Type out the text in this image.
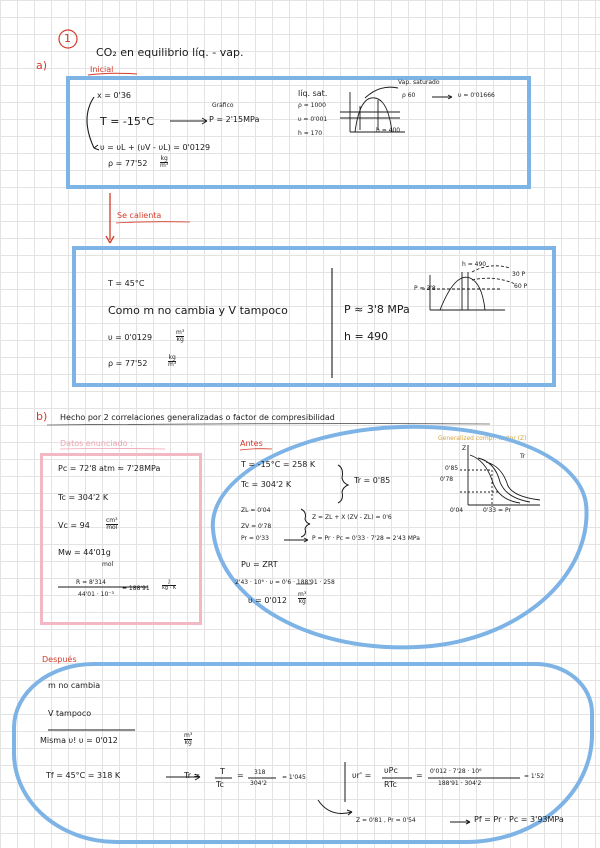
1
CO₂ en equilibrio líq. - vap.
a)	Inicial
x = 0'36
T = -15°C
Gráfico
P = 2'15MPa
υ = υL + (υV - υL) = 0'0129
$\rho = 77'52 \frac{kg}{\text{m³}}$
líq. sat.
ρ = 1000
υ = 0'001
h = 170
Vap. saturado
ρ 60	υ = 0'01666
h = 400
Se calienta
T = 45°C
Como m no cambia y V tampoco
υ = 0'0129	$\frac{\text{m³}}{kg}$
ρ = 77'52	$\frac{kg}{\text{m³}}$
P ≈ 3'8 MPa
h = 490
P = 3'8
h = 490
30 P
60 P
b) Hecho por 2 correlaciones generalizadas o factor de compresibilidad
Datos enunciado :	Antes
Generalized compr. factor (Z)
Pc = 72'8 atm ≈ 7'28MPa
Tc = 304'2 K
Vc = 94
cm³
mol
Mw = 44'01g
mol
R = 8'314
44'01 · 10⁻³
= $188'91 \frac{J}{kg \cdot K}$
T = -15°C = 258 K
Tc = 304'2 K	Tr = 0'85
ZL = 0'04
ZV = 0'78
Z = ZL + X (ZV - ZL) = 0'6
Pr = 0'33	P = Pr · Pc = 0'33 · 7'28 = 2'43 MPa
Pυ = ZRT
2'43 · 10⁶ · υ = 0'6 · 188'91 · 258
$\upsilon = 0'012 \frac{\text{m³}}{kg}$
0'85
0'78
0'04
Z
0'33 = Pr
Tr
Después
m no cambia
V tampoco
Misma υ! υ = 0'012	$\frac{\text{m³}}{kg}$
Tf = 45°C = 318 K	Tr = T
Tc
= 318
304'2
= 1'045	υr' =
υPc
RTc
= 0'012 · 7'28 · 10⁶
188'91 · 304'2
= 1'52
Z = 0'81 , Pr = 0'54	Pf = Pr · Pc = 3'93MPa
